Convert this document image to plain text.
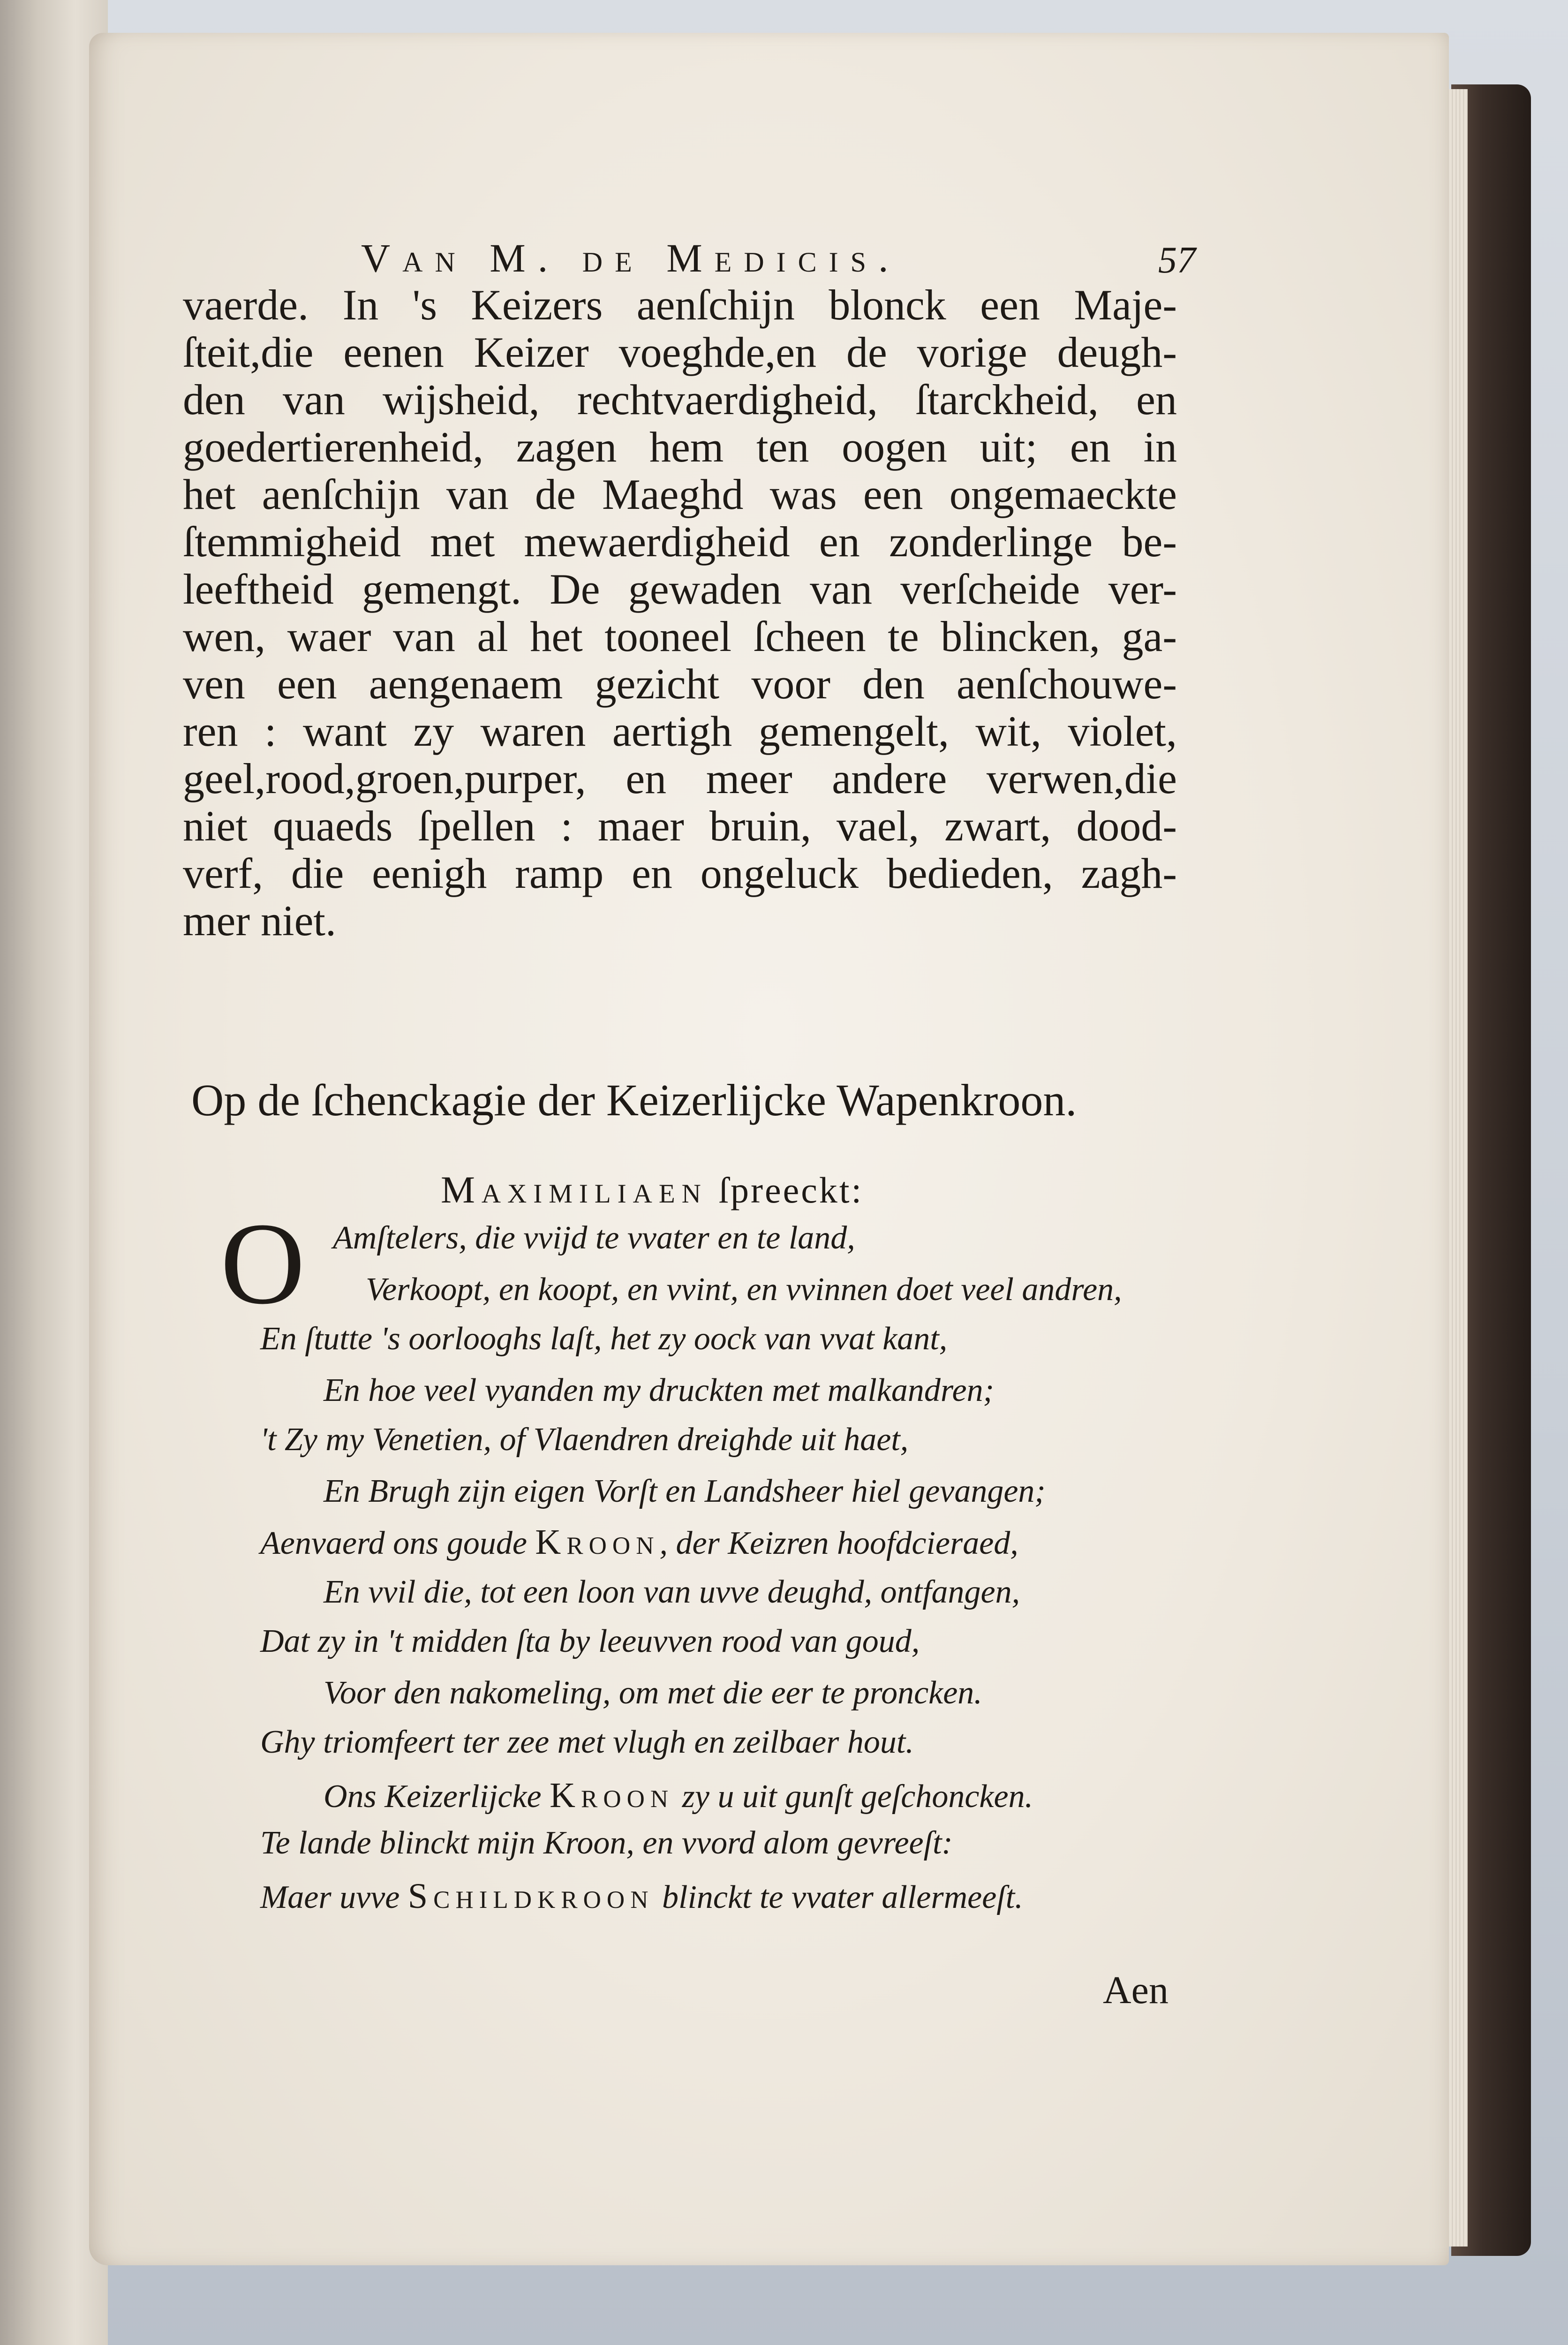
Van M. de Medicis.	57
vaerde. In 's Keizers aenſchijn blonck een Maje-
ſteit,die eenen Keizer voeghde,en de vorige deugh-
den van wijsheid, rechtvaerdigheid, ſtarckheid, en
goedertierenheid, zagen hem ten oogen uit; en in
het aenſchijn van de Maeghd was een ongemaeckte
ſtemmigheid met mewaerdigheid en zonderlinge be-
leeftheid gemengt. De gewaden van verſcheide ver-
wen, waer van al het tooneel ſcheen te blincken, ga-
ven een aengenaem gezicht voor den aenſchouwe-
ren : want zy waren aertigh gemengelt, wit, violet,
geel,rood,groen,purper, en meer andere verwen,die
niet quaeds ſpellen : maer bruin, vael, zwart, dood-
verf, die eenigh ramp en ongeluck bedieden, zagh-
mer niet.
Op de ſchenckagie der Keizerlijcke Wapenkroon.
Maximiliaen ſpreeckt:
O Amſtelers, die vvijd te vvater en te land,
Verkoopt, en koopt, en vvint, en vvinnen doet veel andren,
En ſtutte 's oorlooghs laſt, het zy oock van vvat kant,
En hoe veel vyanden my druckten met malkandren;
't Zy my Venetien, of Vlaendren dreighde uit haet,
En Brugh zijn eigen Vorſt en Landsheer hiel gevangen;
Aenvaerd ons goude Kroon, der Keizren hoofdcieraed,
En vvil die, tot een loon van uvve deughd, ontfangen,
Dat zy in 't midden ſta by leeuvven rood van goud,
Voor den nakomeling, om met die eer te proncken.
Ghy triomfeert ter zee met vlugh en zeilbaer hout.
Ons Keizerlijcke Kroon zy u uit gunſt geſchoncken.
Te lande blinckt mijn Kroon, en vvord alom gevreeſt:
Maer uvve Schildkroon blinckt te vvater allermeeſt.
Aen
